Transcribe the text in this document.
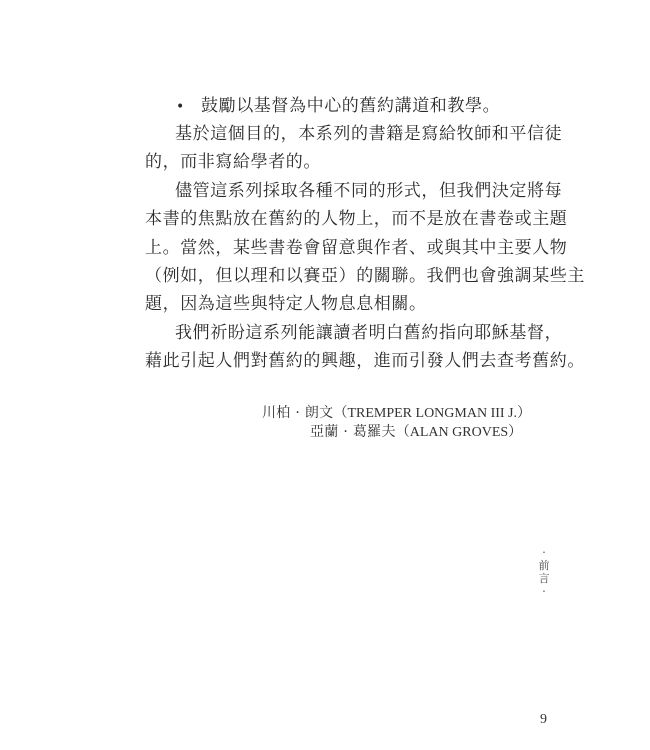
• 鼓勵以基督為中心的舊約講道和教學。
基於這個目的，本系列的書籍是寫給牧師和平信徒
的，而非寫給學者的。
儘管這系列採取各種不同的形式，但我們決定將每
本書的焦點放在舊約的人物上，而不是放在書卷或主題
上。當然，某些書卷會留意與作者、或與其中主要人物
（例如，但以理和以賽亞）的關聯。我們也會強調某些主
題，因為這些與特定人物息息相關。
我們祈盼這系列能讓讀者明白舊約指向耶穌基督，
藉此引起人們對舊約的興趣，進而引發人們去查考舊約。
川柏 · 朗文（TREMPER LONGMAN III J.）
亞蘭 · 葛羅夫（ALAN GROVES）
·
前
言
·
9
